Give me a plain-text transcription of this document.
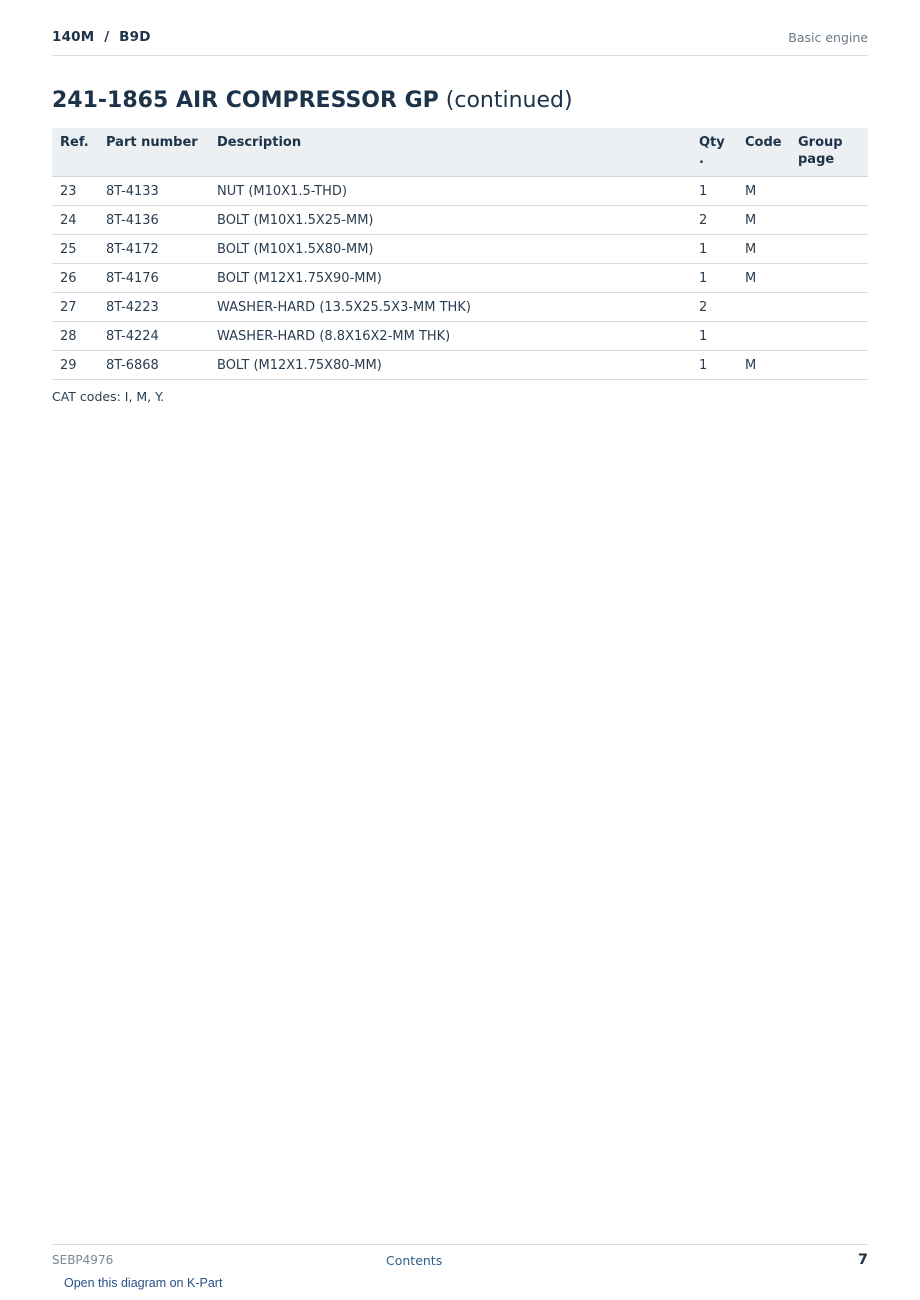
140M  /  B9D	Basic engine
241-1865 AIR COMPRESSOR GP (continued)
Ref.	Part number	Description	Qty .	Code	Group page
23	8T-4133	NUT (M10X1.5-THD)	1	M	
24	8T-4136	BOLT (M10X1.5X25-MM)	2	M	
25	8T-4172	BOLT (M10X1.5X80-MM)	1	M	
26	8T-4176	BOLT (M12X1.75X90-MM)	1	M	
27	8T-4223	WASHER-HARD (13.5X25.5X3-MM THK)	2		
28	8T-4224	WASHER-HARD (8.8X16X2-MM THK)	1		
29	8T-6868	BOLT (M12X1.75X80-MM)	1	M	
CAT codes: I, M, Y.
SEBP4976	Contents	7
Open this diagram on K-Part
